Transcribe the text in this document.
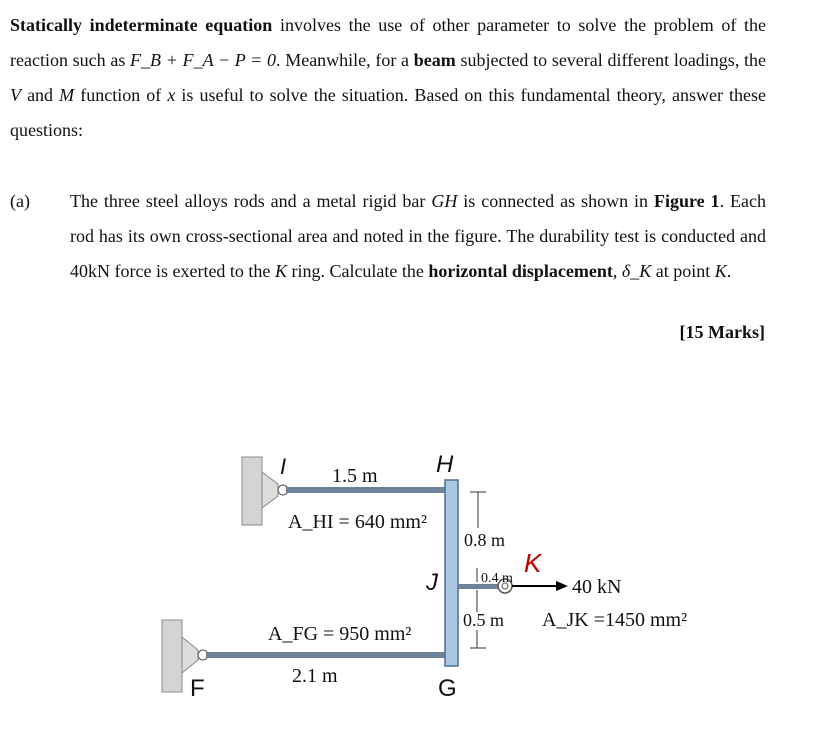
Statically indeterminate equation involves the use of other parameter to solve the problem of the reaction such as F_B + F_A − P = 0. Meanwhile, for a beam subjected to several different loadings, the V and M function of x is useful to solve the situation. Based on this fundamental theory, answer these questions:
(a) The three steel alloys rods and a metal rigid bar GH is connected as shown in Figure 1. Each rod has its own cross-sectional area and noted in the figure. The durability test is conducted and 40kN force is exerted to the K ring. Calculate the horizontal displacement, δ_K at point K.
[15 Marks]
I 1.5 m H
A_HI = 640 mm²
0.8 m
K
0.4 m
J	40 kN
0.5 m A_JK =1450 mm²
A_FG = 950 mm²
2.1 m
F	G
